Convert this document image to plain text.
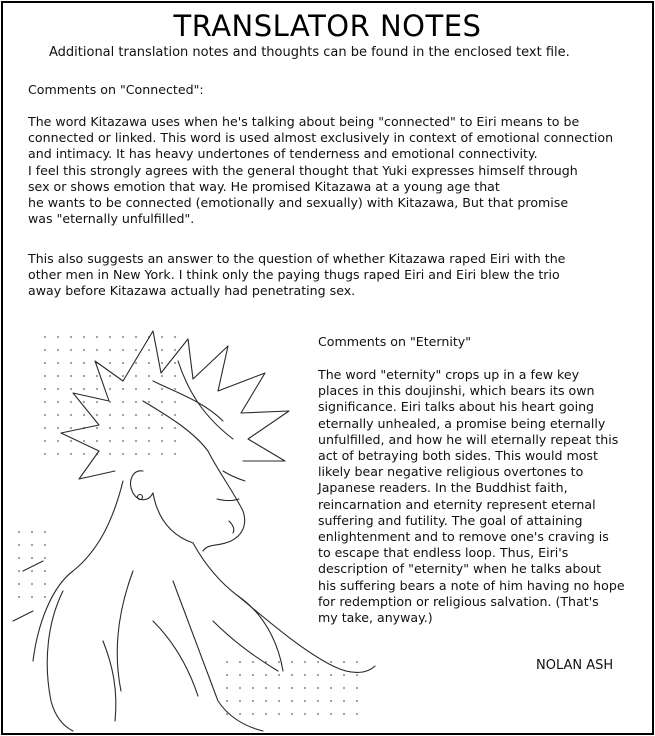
TRANSLATOR NOTES

Additional translation notes and thoughts can be found in the enclosed text file.

Comments on "Connected":

The word Kitazawa uses when he's talking about being "connected" to Eiri means to be
connected or linked. This word is used almost exclusively in context of emotional connection
and intimacy. It has heavy undertones of tenderness and emotional connectivity.
I feel this strongly agrees with the general thought that Yuki expresses himself through
sex or shows emotion that way. He promised Kitazawa at a young age that
he wants to be connected (emotionally and sexually) with Kitazawa, But that promise
was "eternally unfulfilled".
This also suggests an answer to the question of whether Kitazawa raped Eiri with the
other men in New York. I think only the paying thugs raped Eiri and Eiri blew the trio
away before Kitazawa actually had penetrating sex.

Comments on "Eternity"

The word "eternity" crops up in a few key
places in this doujinshi, which bears its own
significance. Eiri talks about his heart going
eternally unhealed, a promise being eternally
unfulfilled, and how he will eternally repeat this
act of betraying both sides. This would most
likely bear negative religious overtones to
Japanese readers. In the Buddhist faith,
reincarnation and eternity represent eternal
suffering and futility. The goal of attaining
enlightenment and to remove one's craving is
to escape that endless loop. Thus, Eiri's
description of "eternity" when he talks about
his suffering bears a note of him having no hope
for redemption or religious salvation. (That's
my take, anyway.)

NOLAN ASH
